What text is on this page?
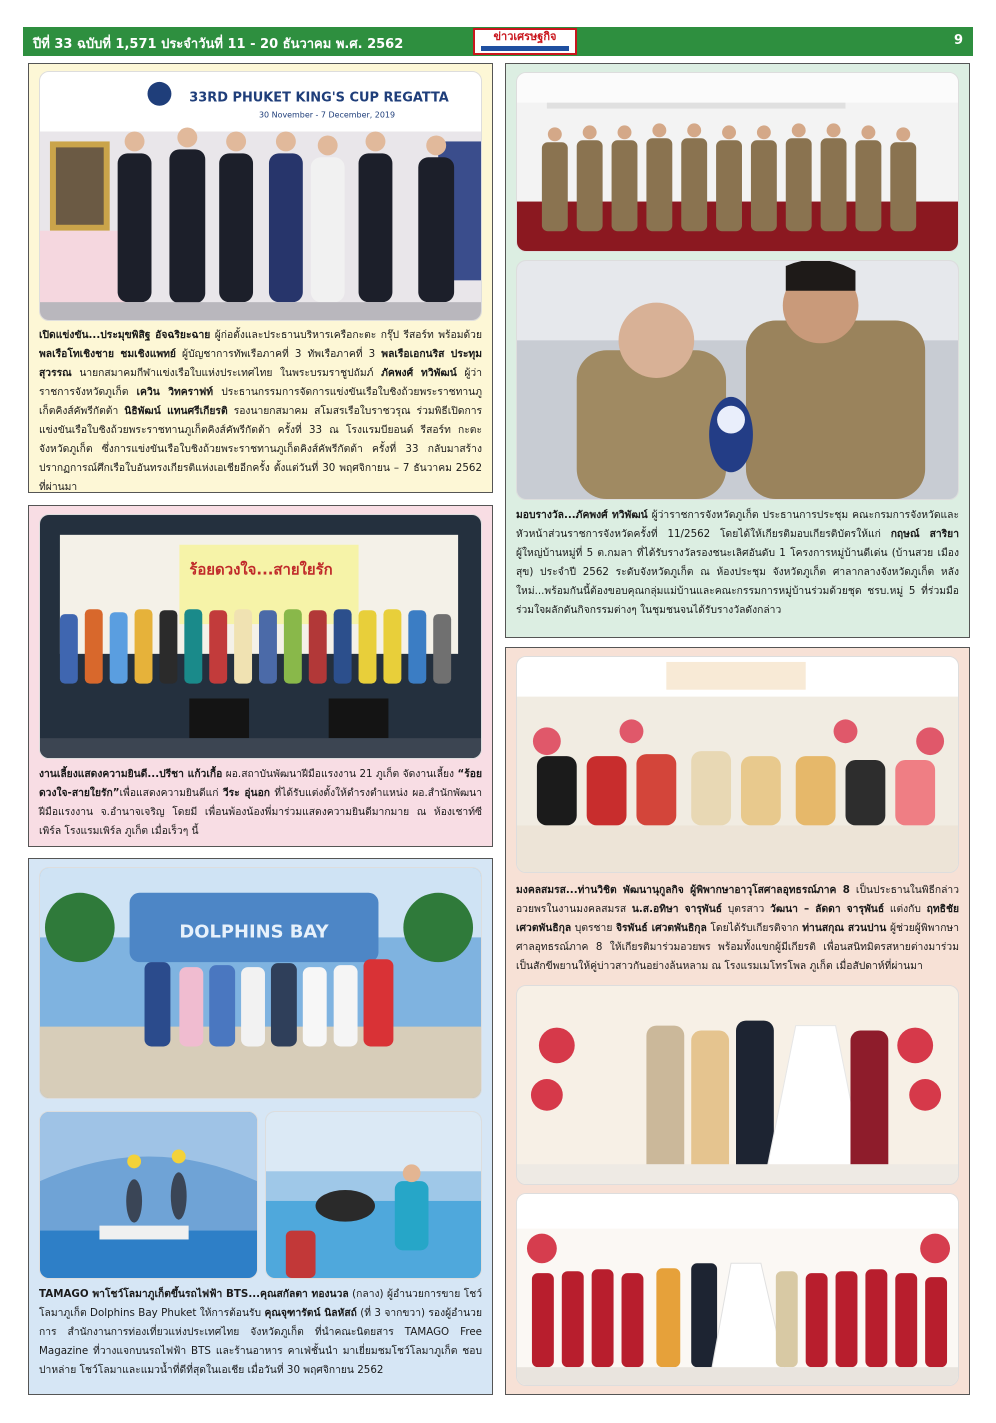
ปีที่ 33 ฉบับที่ 1,571 ประจำวันที่ 11 - 20 ธันวาคม พ.ศ. 2562
ข่าวเศรษฐกิจ	9
33RD PHUKET KING'S CUP REGATTA
30 November - 7 December, 2019

เปิดแข่งขัน...ประมุขพิสิฐ อัจฉริยะฉาย ผู้ก่อตั้งและประธานบริหารเครือกะตะ กรุ๊ป รีสอร์ท พร้อมด้วย พลเรือโทเชิงชาย ชมเชิงแพทย์ ผู้บัญชาการทัพเรือภาคที่ 3 ทัพเรือภาคที่ 3 พลเรือเอกนริส ประทุมสุวรรณ นายกสมาคมกีฬาแข่งเรือใบแห่งประเทศไทย ในพระบรมราชูปถัมภ์ ภัคพงศ์ ทวิพัฒน์ ผู้ว่าราชการจังหวัดภูเก็ต เควิน วิทคราฟท์ ประธานกรรมการจัดการแข่งขันเรือใบชิงถ้วยพระราชทานภูเก็ตคิงส์คัพรีกัตต้า นิธิพัฒน์ แทนศรีเกียรติ รองนายกสมาคม สโมสรเรือใบราชวรุณ ร่วมพิธีเปิดการแข่งขันเรือใบชิงถ้วยพระราชทานภูเก็ตคิงส์คัพรีกัตต้า ครั้งที่ 33 ณ โรงแรมบียอนด์ รีสอร์ท กะตะ จังหวัดภูเก็ต ซึ่งการแข่งขันเรือใบชิงถ้วยพระราชทานภูเก็ตคิงส์คัพรีกัตต้า ครั้งที่ 33 กลับมาสร้างปรากฏการณ์ศึกเรือใบอันทรงเกียรติแห่งเอเชียอีกครั้ง ตั้งแต่วันที่ 30 พฤศจิกายน – 7 ธันวาคม 2562 ที่ผ่านมา

มอบรางวัล...ภัคพงศ์ ทวิพัฒน์ ผู้ว่าราชการจังหวัดภูเก็ต ประธานการประชุม คณะกรมการจังหวัดและหัวหน้าส่วนราชการจังหวัดครั้งที่ 11/2562 โดยได้ให้เกียรติมอบเกียรติบัตรให้แก่ กฤษณ์ สาริยา ผู้ใหญ่บ้านหมู่ที่ 5 ต.กมลา ที่ได้รับรางวัลรองชนะเลิศอันดับ 1 โครงการหมู่บ้านดีเด่น (บ้านสวย เมืองสุข) ประจำปี 2562 ระดับจังหวัดภูเก็ต ณ ห้องประชุม จังหวัดภูเก็ต ศาลากลางจังหวัดภูเก็ต หลังใหม่...พร้อมกันนี้ต้องขอบคุณกลุ่มแม่บ้านและคณะกรรมการหมู่บ้านร่วมด้วยชุด ชรบ.หมู่ 5 ที่ร่วมมือร่วมใจผลักดันกิจกรรมต่างๆ ในชุมชนจนได้รับรางวัลดังกล่าว

ร้อยดวงใจ...สายใยรัก

งานเลี้ยงแสดงความยินดี...ปรีชา แก้วเกื้อ ผอ.สถาบันพัฒนาฝีมือแรงงาน 21 ภูเก็ต จัดงานเลี้ยง “ร้อยดวงใจ-สายใยรัก”เพื่อแสดงความยินดีแก่ วีระ อุ่นอก ที่ได้รับแต่งตั้งให้ดำรงตำแหน่ง ผอ.สำนักพัฒนาฝีมือแรงงาน จ.อำนาจเจริญ โดยมี เพื่อนพ้องน้องพี่มาร่วมแสดงความยินดีมากมาย ณ ห้องเชาท์ซีเพิร์ล โรงแรมเพิร์ล ภูเก็ต เมื่อเร็วๆ นี้

มงคลสมรส...ท่านวิชิต พัฒนานุกูลกิจ ผู้พิพากษาอาวุโสศาลอุทธรณ์ภาค 8 เป็นประธานในพิธีกล่าวอวยพรในงานมงคลสมรส น.ส.อทิษา จารุพันธ์ บุตรสาว วัฒนา – ลัดดา จารุพันธ์ แต่งกับ ฤทธิชัย เศวตพันธิกุล บุตรชาย จิรพันธ์ เศวตพันธิกุล โดยได้รับเกียรติจาก ท่านสกุณ สวนปาน ผู้ช่วยผู้พิพากษาศาลอุทธรณ์ภาค 8 ให้เกียรติมาร่วมอวยพร พร้อมทั้งแขกผู้มีเกียรติ เพื่อนสนิทมิตรสหายต่างมาร่วมเป็นสักขีพยานให้คู่บ่าวสาวกันอย่างล้นหลาม ณ โรงแรมเมโทรโพล ภูเก็ต เมื่อสัปดาห์ที่ผ่านมา

DOLPHINS BAY

TAMAGO พาโชว์โลมาภูเก็ตขึ้นรถไฟฟ้า BTS...คุณสกัลตา ทองนวล (กลาง) ผู้อำนวยการขาย โชว์โลมาภูเก็ต Dolphins Bay Phuket ให้การต้อนรับ คุณจุฑารัตน์ นิลหัสถ์ (ที่ 3 จากขวา) รองผู้อำนวยการ สำนักงานการท่องเที่ยวแห่งประเทศไทย จังหวัดภูเก็ต ที่นำคณะนิตยสาร TAMAGO Free Magazine ที่วางแจกบนรถไฟฟ้า BTS และร้านอาหาร คาเฟ่ชั้นนำ มาเยี่ยมชมโชว์โลมาภูเก็ต ชอบปาหล่าย โชว์โลมาและแมวน้ำที่ดีที่สุดในเอเชีย เมื่อวันที่ 30 พฤศจิกายน 2562
